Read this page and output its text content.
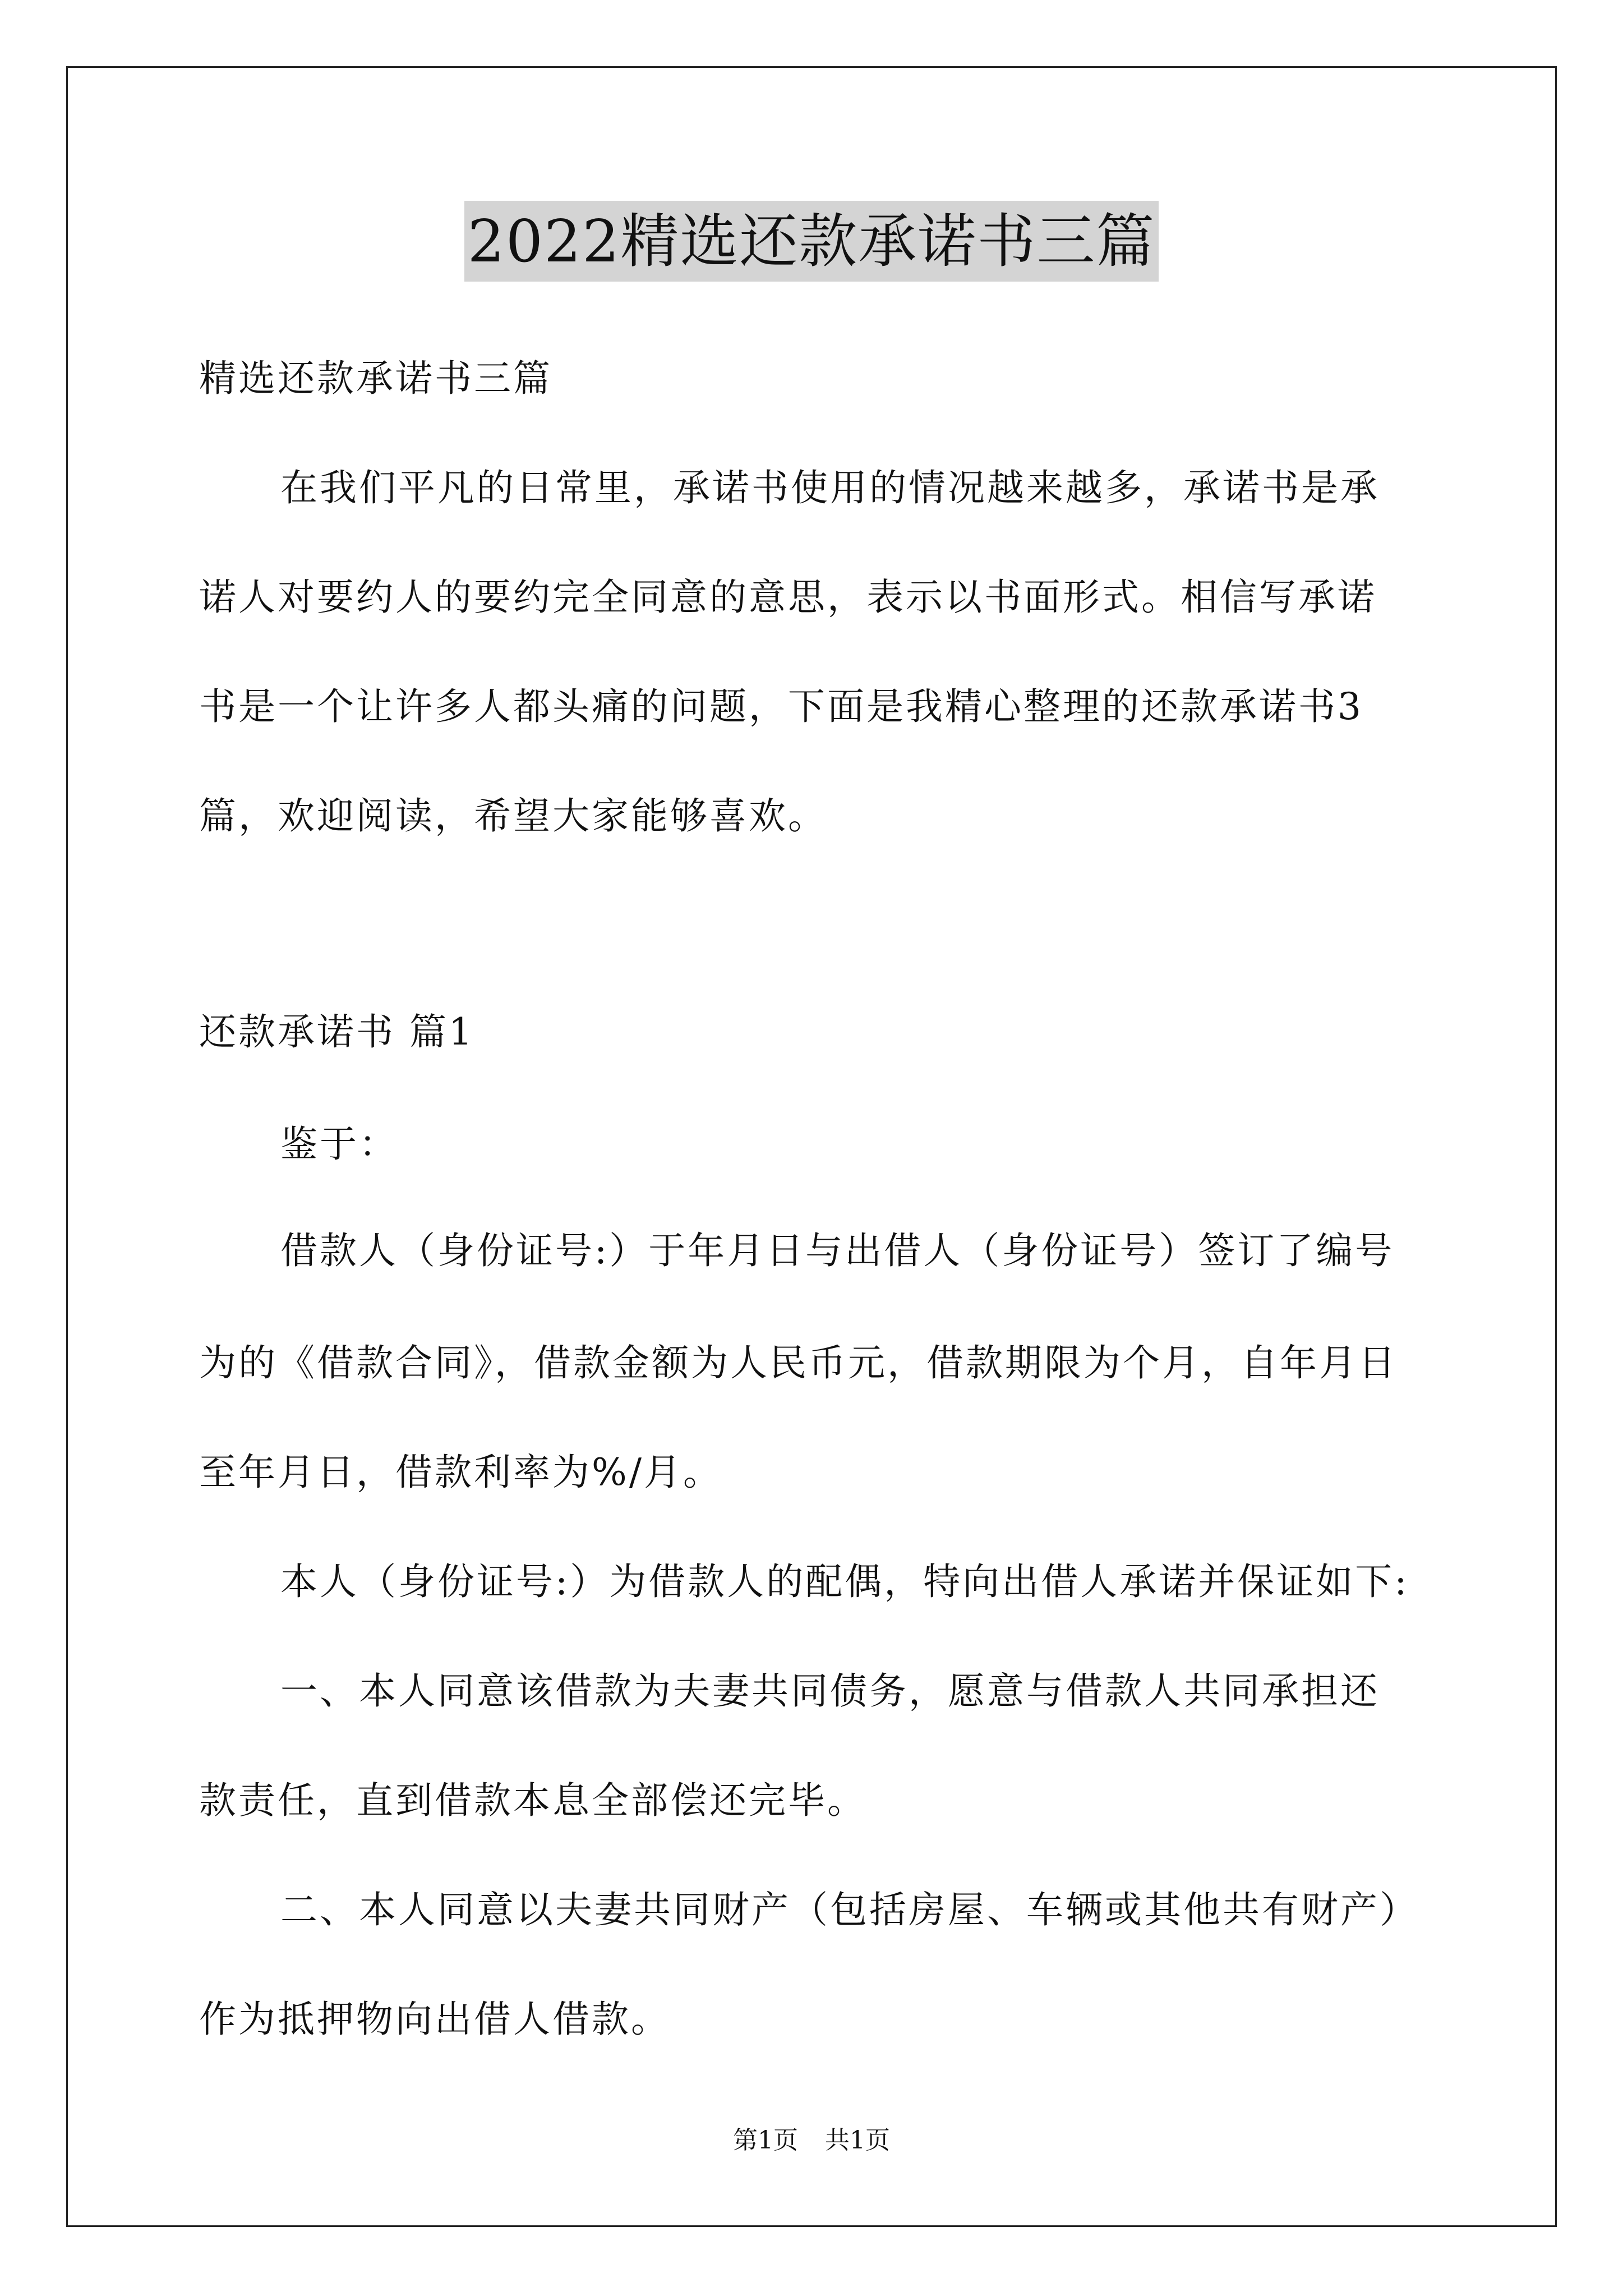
2022精选还款承诺书三篇
精选还款承诺书三篇
在我们平凡的日常里，承诺书使用的情况越来越多，承诺书是承
诺人对要约人的要约完全同意的意思，表示以书面形式。相信写承诺
书是一个让许多人都头痛的问题，下面是我精心整理的还款承诺书3
篇，欢迎阅读，希望大家能够喜欢。
还款承诺书 篇1
鉴于：
借款人（身份证号:）于年月日与出借人（身份证号）签订了编号
为的《借款合同》，借款金额为人民币元，借款期限为个月，自年月日
至年月日，借款利率为%/月。
本人（身份证号:）为借款人的配偶，特向出借人承诺并保证如下:
一、本人同意该借款为夫妻共同债务，愿意与借款人共同承担还
款责任，直到借款本息全部偿还完毕。
二、本人同意以夫妻共同财产（包括房屋、车辆或其他共有财产）
作为抵押物向出借人借款。
第1页 共1页
